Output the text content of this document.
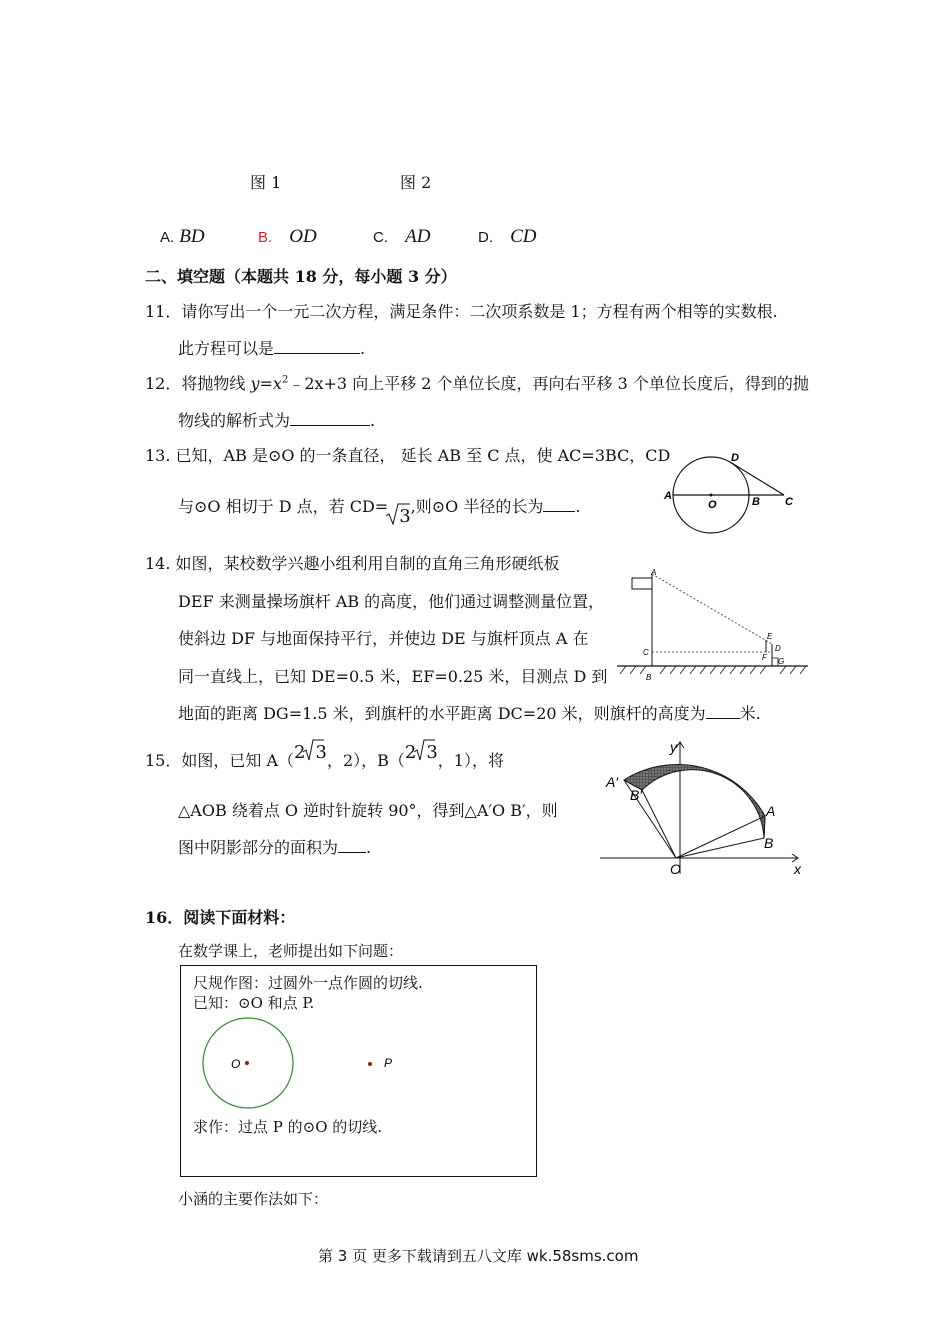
图 1	图 2
A. BD	B. OD	C. AD	D. CD
二、填空题（本题共 18 分，每小题 3 分）
11．请你写出一个一元二次方程，满足条件：二次项系数是 1；方程有两个相等的实数根.
此方程可以是	.
12．将抛物线 $y=x^2﹣2x+3$ 向上平移 2 个单位长度，再向右平移 3 个单位长度后，得到的抛
物线的解析式为	.
13. 已知，AB 是⊙O 的一条直径， 延长 AB 至 C 点，使 AC=3BC，CD
与⊙O 相切于 D 点，若 CD= 3,则⊙O 半径的长为 .
A
O	B C
D
14. 如图，某校数学兴趣小组利用自制的直角三角形硬纸板
DEF 来测量操场旗杆 AB 的高度，他们通过调整测量位置，
使斜边 DF 与地面保持平行，并使边 DE 与旗杆顶点 A 在
同一直线上，已知 DE=0.5 米，EF=0.25 米，目测点 D 到
地面的距离 DG=1.5 米，到旗杆的水平距离 DC=20 米，则旗杆的高度为 米.
A
C
B
E
F
D
G
15．如图，已知 A（2 3，2），B（2 3，1），将
△AOB 绕着点 O 逆时针旋转 90°，得到△A′O B′，则
图中阴影部分的面积为 .
y
x
O
A
B
A′
B′
16．阅读下面材料：
在数学课上，老师提出如下问题：
尺规作图：过圆外一点作圆的切线.
已知：⊙O 和点 P.
O	P
求作：过点 P 的⊙O 的切线.
小涵的主要作法如下：
第 3 页 更多下载请到五八文库 wk.58sms.com
